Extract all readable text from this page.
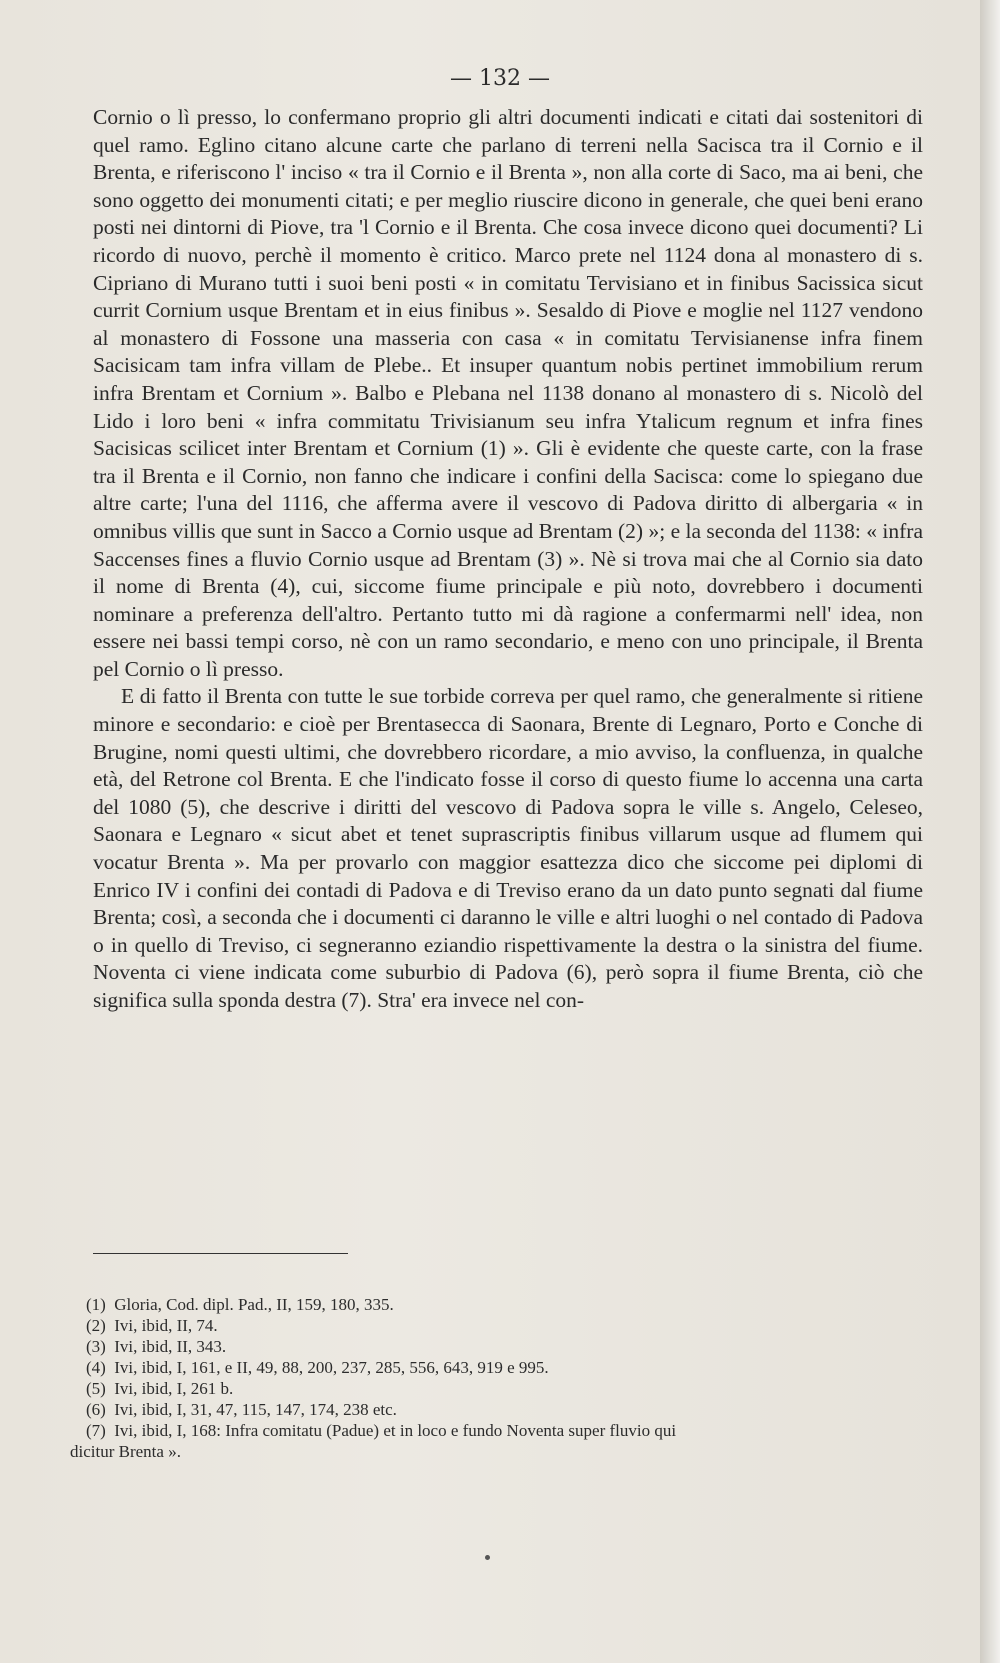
— 132 —

Cornio o lì presso, lo confermano proprio gli altri documenti indicati e citati dai sostenitori di quel ramo. Eglino citano alcune carte che parlano di terreni nella Sacisca tra il Cornio e il Brenta, e riferiscono l' inciso « tra il Cornio e il Brenta », non alla corte di Saco, ma ai beni, che sono oggetto dei monumenti citati; e per meglio riuscire dicono in generale, che quei beni erano posti nei dintorni di Piove, tra 'l Cornio e il Brenta. Che cosa invece dicono quei documenti? Li ricordo di nuovo, perchè il momento è critico. Marco prete nel 1124 dona al monastero di s. Cipriano di Murano tutti i suoi beni posti « in comitatu Tervisiano et in finibus Sacissica sicut currit Cornium usque Brentam et in eius finibus ». Sesaldo di Piove e moglie nel 1127 vendono al monastero di Fossone una masseria con casa « in comitatu Tervisianense infra finem Sacisicam tam infra villam de Plebe.. Et insuper quantum nobis pertinet immobilium rerum infra Brentam et Cornium ». Balbo e Plebana nel 1138 donano al monastero di s. Nicolò del Lido i loro beni « infra commitatu Trivisianum seu infra Ytalicum regnum et infra fines Sacisicas scilicet inter Brentam et Cornium (1) ». Gli è evidente che queste carte, con la frase tra il Brenta e il Cornio, non fanno che indicare i confini della Sacisca: come lo spiegano due altre carte; l'una del 1116, che afferma avere il vescovo di Padova diritto di albergaria « in omnibus villis que sunt in Sacco a Cornio usque ad Brentam (2) »; e la seconda del 1138: « infra Saccenses fines a fluvio Cornio usque ad Brentam (3) ». Nè si trova mai che al Cornio sia dato il nome di Brenta (4), cui, siccome fiume principale e più noto, dovrebbero i documenti nominare a preferenza dell'altro. Pertanto tutto mi dà ragione a confermarmi nell' idea, non essere nei bassi tempi corso, nè con un ramo secondario, e meno con uno principale, il Brenta pel Cornio o lì presso.

E di fatto il Brenta con tutte le sue torbide correva per quel ramo, che generalmente si ritiene minore e secondario: e cioè per Brentasecca di Saonara, Brente di Legnaro, Porto e Conche di Brugine, nomi questi ultimi, che dovrebbero ricordare, a mio avviso, la confluenza, in qualche età, del Retrone col Brenta. E che l'indicato fosse il corso di questo fiume lo accenna una carta del 1080 (5), che descrive i diritti del vescovo di Padova sopra le ville s. Angelo, Celeseo, Saonara e Legnaro « sicut abet et tenet suprascriptis finibus villarum usque ad flumem qui vocatur Brenta ». Ma per provarlo con maggior esattezza dico che siccome pei diplomi di Enrico IV i confini dei contadi di Padova e di Treviso erano da un dato punto segnati dal fiume Brenta; così, a seconda che i documenti ci daranno le ville e altri luoghi o nel contado di Padova o in quello di Treviso, ci segneranno eziandio rispettivamente la destra o la sinistra del fiume. Noventa ci viene indicata come suburbio di Padova (6), però sopra il fiume Brenta, ciò che significa sulla sponda destra (7). Stra' era invece nel con-

(1) Gloria, Cod. dipl. Pad., II, 159, 180, 335.

(2) Ivi, ibid, II, 74.

(3) Ivi, ibid, II, 343.

(4) Ivi, ibid, I, 161, e II, 49, 88, 200, 237, 285, 556, 643, 919 e 995.

(5) Ivi, ibid, I, 261 b.

(6) Ivi, ibid, I, 31, 47, 115, 147, 174, 238 etc.

(7) Ivi, ibid, I, 168: Infra comitatu (Padue) et in loco e fundo Noventa super fluvio qui

dicitur Brenta ».
